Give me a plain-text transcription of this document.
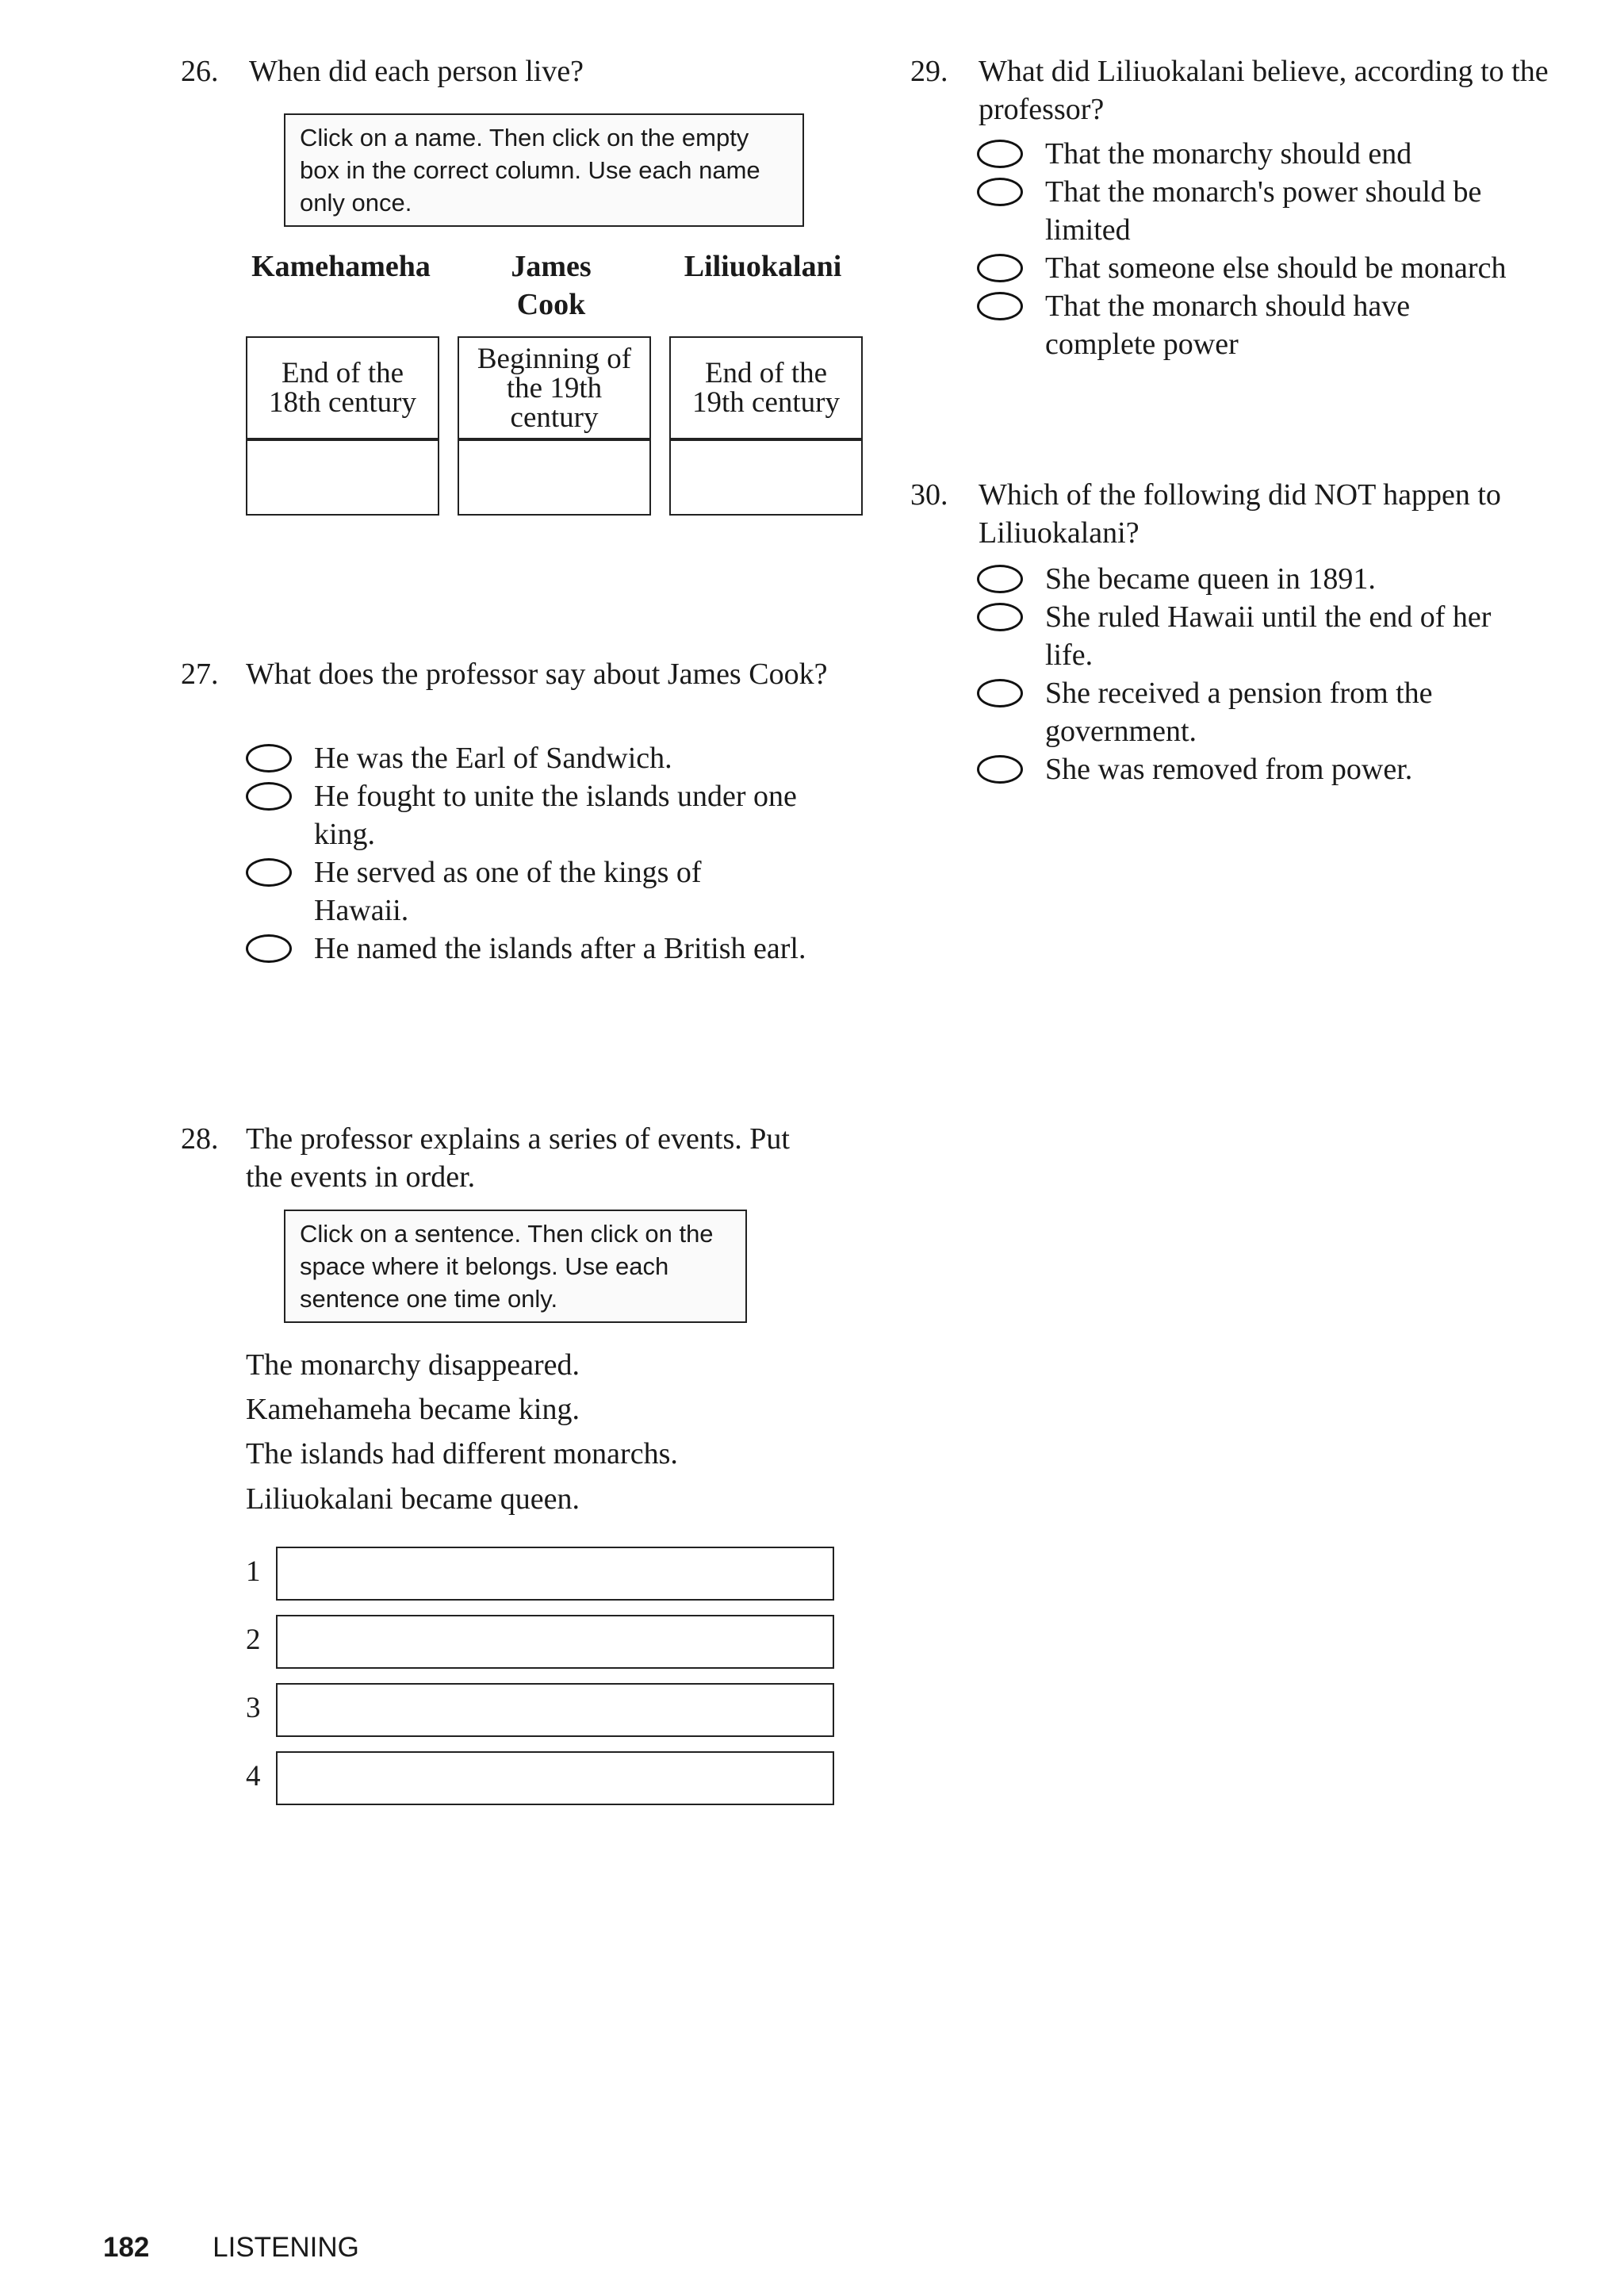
26. When did each person live?
Click on a name. Then click on the empty box in the correct column. Use each name only once.
Kamehameha	James Cook
Liliuokalani
End of the 18th century
Beginning of the 19th century
End of the 19th century
27. What does the professor say about James Cook?
He was the Earl of Sandwich.
He fought to unite the islands under one king.
He served as one of the kings of Hawaii.
He named the islands after a British earl.
28. The professor explains a series of events. Put the events in order.
Click on a sentence. Then click on the space where it belongs. Use each sentence one time only.
The monarchy disappeared.
Kamehameha became king.
The islands had different monarchs.
Liliuokalani became queen.
1
2
3
4
29. What did Liliuokalani believe, according to the professor?
That the monarchy should end
That the monarch's power should be limited
That someone else should be monarch
That the monarch should have complete power
30. Which of the following did NOT happen to Liliuokalani?
She became queen in 1891.
She ruled Hawaii until the end of her life.
She received a pension from the government.
She was removed from power.
182 LISTENING
